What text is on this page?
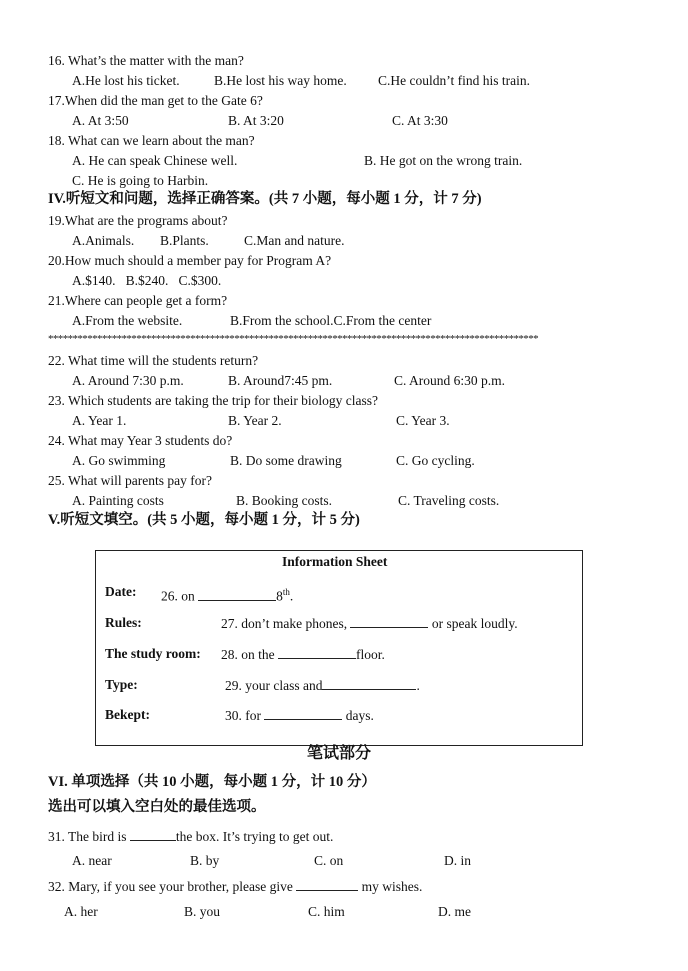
16. What’s the matter with the man?
A.He lost his ticket.	B.He lost his way home. C.He couldn’t find his train.
17.When did the man get to the Gate 6?
A. At 3:50	B. At 3:20	C. At 3:30
18. What can we learn about the man?
A. He can speak Chinese well.	B. He got on the wrong train.
C. He is going to Harbin.
IV.听短文和问题，选择正确答案。(共 7 小题，每小题 1 分，计 7 分)
19.What are the programs about?
A.Animals. B.Plants.	C.Man and nature.
20.How much should a member pay for Program A?
A.$140.   B.$240.   C.$300.
21.Where can people get a form?
A.From the website.	B.From the school.C.From the center
****************************************************************************************************
22. What time will the students return?
A. Around 7:30 p.m.	B. Around7:45 pm.	C. Around 6:30 p.m.
23. Which students are taking the trip for their biology class?
A. Year 1.	B. Year 2.	C. Year 3.
24. What may Year 3 students do?
A. Go swimming	B. Do some drawing	C. Go cycling.
25. What will parents pay for?
A. Painting costs	B. Booking costs.	C. Traveling costs.
V.听短文填空。(共 5 小题，每小题 1 分，计 5 分)
Information Sheet
Date: 26. on	8th.
Rules:	27. don’t make phones,	or speak loudly.
The study room: 28. on the	floor.
Type:	29. your class and	.
Bekept:	30. for	days.
笔试部分
VI. 单项选择（共 10 小题，每小题 1 分，计 10 分）
选出可以填入空白处的最佳选项。
31. The bird is	the box. It’s trying to get out.
A. near	B. by	C. on	D. in
32. Mary, if you see your brother, please give	my wishes.
A. her	B. you	C. him	D. me
